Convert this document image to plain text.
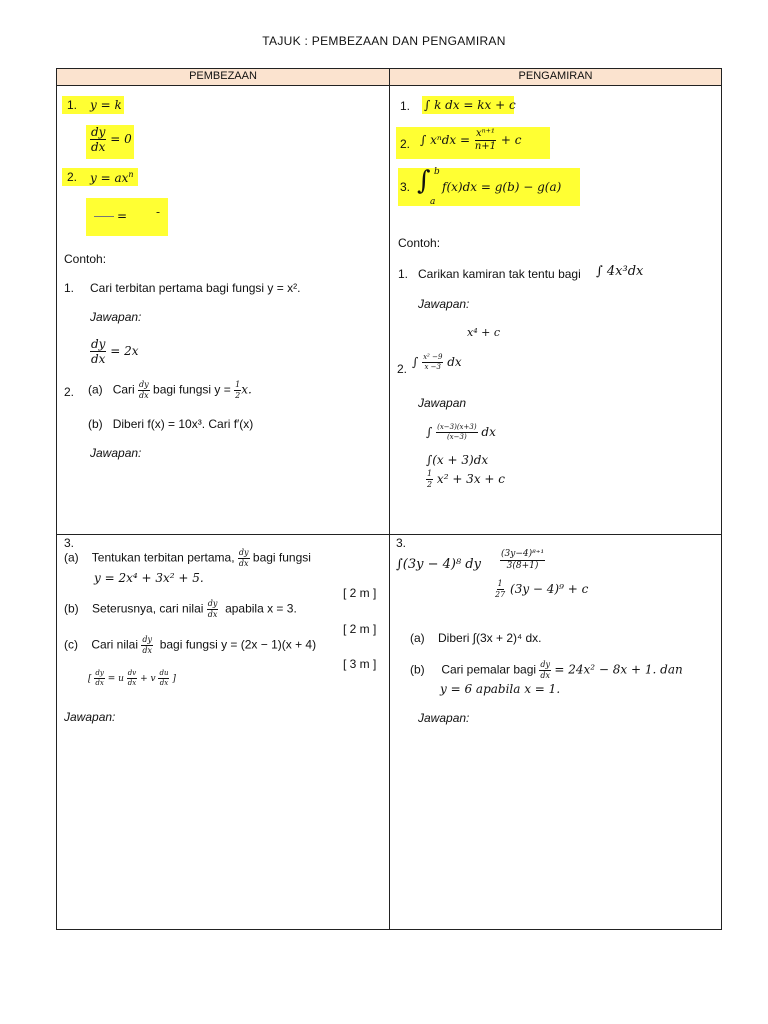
TAJUK : PEMBEZAAN DAN PENGAMIRAN
PEMBEZAAN	PENGAMIRAN
1. y = k
$\frac{dy}{dx} = 0$
2. $y = ax^n$
= -
Contoh:
1. Cari terbitan pertama bagi fungsi y = x².
Jawapan:
$\frac{dy}{dx} = 2x$
2. (a) Cari $\frac{dy}{dx}$ bagi fungsi $y = \frac{1}{2} x$.
(b) Diberi f(x) = 10x³. Cari f′(x)
Jawapan:
1. ∫ k dx = kx + c
2. ∫ $x^ndx = \frac{\text{xⁿ⁺¹}}{n+1} + c$
3. ∫ b
a
f(x)dx = g(b) − g(a)
Contoh:
1. Carikan kamiran tak tentu bagi ∫ 4x³dx
Jawapan:
x⁴ + c
2. ∫ $\frac{\text{x² −9}}{x -3}$ dx
Jawapan
∫ $\frac{(x-3)(x+3)}{(x-3)}$ dx
∫(x + 3)dx
$\frac{1}{2} x^2 + 3x + c$
3.
(a) Tentukan terbitan pertama, $\frac{dy}{dx}$ bagi fungsi
y = 2x⁴ + 3x² + 5.
[ 2 m ]
(b) Seterusnya, cari nilai $\frac{dy}{dx}$ apabila x = 3.
[ 2 m ]
(c) Cari nilai $\frac{dy}{dx}$ bagi fungsi y = (2x − 1)(x + 4)
[ 3 m ]
[ $\frac{dy}{dx} = u \frac{dv}{dx} + v \frac{du}{dx}$ ]
Jawapan:
3.
∫(3y − 4)⁸ dy $\frac{\text{(3y−4)⁸⁺¹}}{3(8+1)}$
$\frac{1}{27} (3y - 4)^9 + c$
(a) Diberi ∫(3x + 2)⁴ dx.
(b) Cari pemalar bagi $\frac{dy}{dx} = 24x^2 - 8x + 1$. dan
y = 6 apabila x = 1.
Jawapan:
